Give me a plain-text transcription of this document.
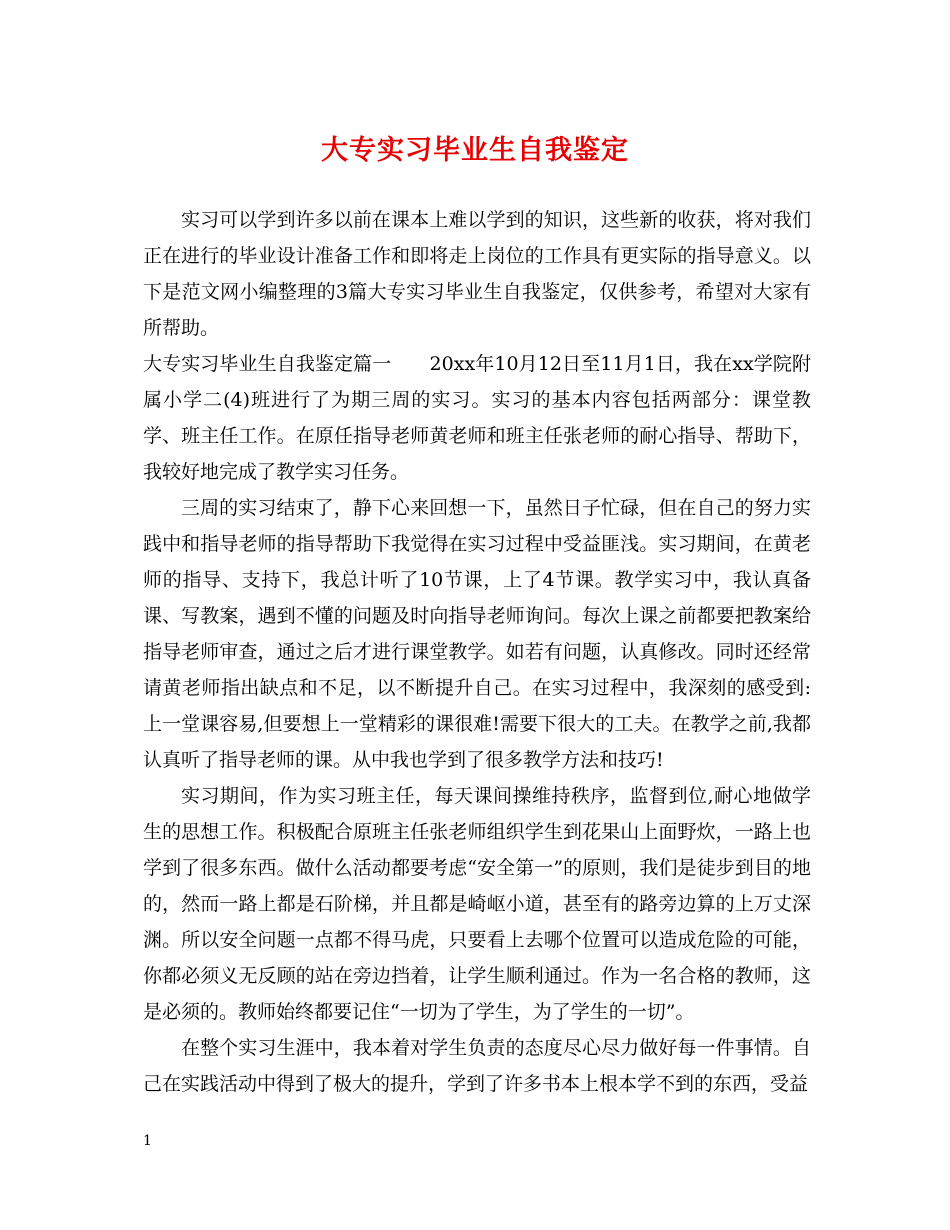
大专实习毕业生自我鉴定

实习可以学到许多以前在课本上难以学到的知识，这些新的收获，将对我们正在进行的毕业设计准备工作和即将走上岗位的工作具有更实际的指导意义。以下是范文网小编整理的3篇大专实习毕业生自我鉴定，仅供参考，希望对大家有所帮助。

大专实习毕业生自我鉴定篇一　　20xx年10月12日至11月1日，我在xx学院附属小学二(4)班进行了为期三周的实习。实习的基本内容包括两部分：课堂教学、班主任工作。在原任指导老师黄老师和班主任张老师的耐心指导、帮助下，我较好地完成了教学实习任务。

三周的实习结束了，静下心来回想一下，虽然日子忙碌，但在自己的努力实践中和指导老师的指导帮助下我觉得在实习过程中受益匪浅。实习期间，在黄老师的指导、支持下，我总计听了10节课，上了4节课。教学实习中，我认真备课、写教案，遇到不懂的问题及时向指导老师询问。每次上课之前都要把教案给指导老师审查，通过之后才进行课堂教学。如若有问题，认真修改。同时还经常请黄老师指出缺点和不足，以不断提升自己。在实习过程中，我深刻的感受到:上一堂课容易,但要想上一堂精彩的课很难!需要下很大的工夫。在教学之前,我都认真听了指导老师的课。从中我也学到了很多教学方法和技巧!

实习期间，作为实习班主任，每天课间操维持秩序，监督到位,耐心地做学生的思想工作。积极配合原班主任张老师组织学生到花果山上面野炊，一路上也学到了很多东西。做什么活动都要考虑“安全第一”的原则，我们是徒步到目的地的，然而一路上都是石阶梯，并且都是崎岖小道，甚至有的路旁边算的上万丈深渊。所以安全问题一点都不得马虎，只要看上去哪个位置可以造成危险的可能，你都必须义无反顾的站在旁边挡着，让学生顺利通过。作为一名合格的教师，这是必须的。教师始终都要记住“一切为了学生，为了学生的一切”。

在整个实习生涯中，我本着对学生负责的态度尽心尽力做好每一件事情。自己在实践活动中得到了极大的提升，学到了许多书本上根本学不到的东西，受益

1
